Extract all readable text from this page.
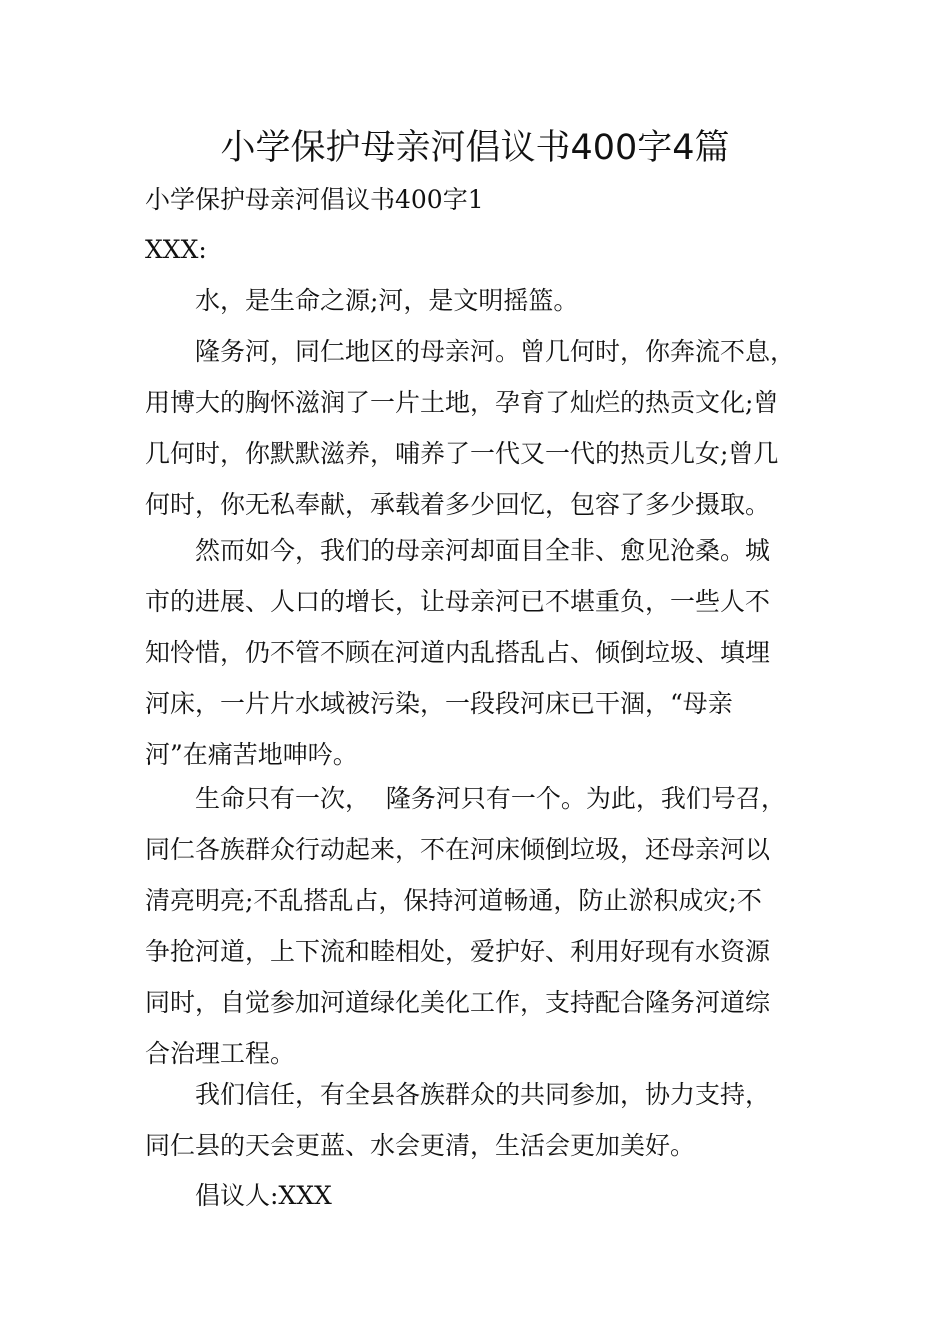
小学保护母亲河倡议书400字4篇

小学保护母亲河倡议书400字1

XXX:

水，是生命之源;河，是文明摇篮。

隆务河，同仁地区的母亲河。曾几何时，你奔流不息，
用博大的胸怀滋润了一片土地，孕育了灿烂的热贡文化;曾
几何时，你默默滋养，哺养了一代又一代的热贡儿女;曾几
何时，你无私奉献，承载着多少回忆，包容了多少摄取。
然而如今，我们的母亲河却面目全非、愈见沧桑。城
市的进展、人口的增长，让母亲河已不堪重负，一些人不
知怜惜，仍不管不顾在河道内乱搭乱占、倾倒垃圾、填埋
河床，一片片水域被污染，一段段河床已干涸，“母亲
河”在痛苦地呻吟。
生命只有一次，  隆务河只有一个。为此，我们号召，
同仁各族群众行动起来，不在河床倾倒垃圾，还母亲河以
清亮明亮;不乱搭乱占，保持河道畅通，防止淤积成灾;不
争抢河道，上下流和睦相处，爱护好、利用好现有水资源
同时，自觉参加河道绿化美化工作，支持配合隆务河道综
合治理工程。
我们信任，有全县各族群众的共同参加，协力支持，
同仁县的天会更蓝、水会更清，生活会更加美好。

倡议人:XXX
